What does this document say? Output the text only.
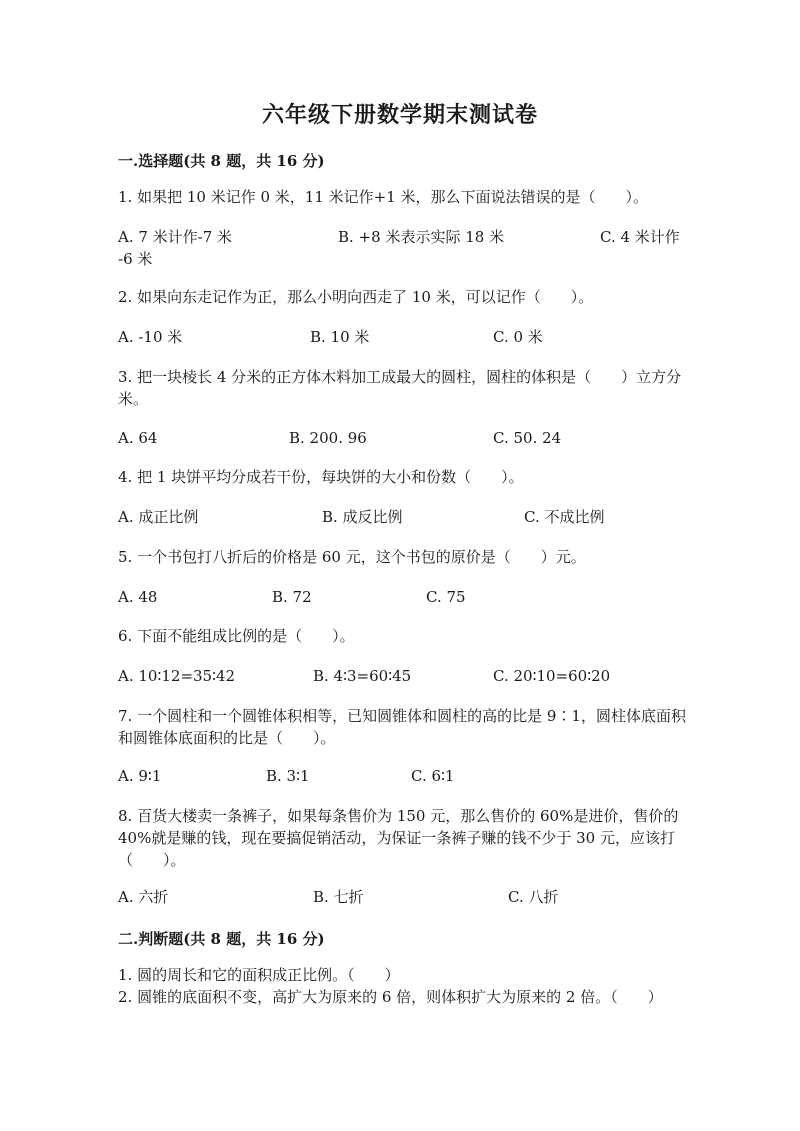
六年级下册数学期末测试卷
一.选择题(共 8 题，共 16 分)
1. 如果把 10 米记作 0 米，11 米记作+1 米，那么下面说法错误的是（　　）。
A. 7 米计作-7 米	B. +8 米表示实际 18 米	C. 4 米计作
-6 米
2. 如果向东走记作为正，那么小明向西走了 10 米，可以记作（　　）。
A. -10 米	B. 10 米	C. 0 米
3. 把一块棱长 4 分米的正方体木料加工成最大的圆柱，圆柱的体积是（　　）立方分米。
A. 64	B. 200. 96	C. 50. 24
4. 把 1 块饼平均分成若干份，每块饼的大小和份数（　　）。
A. 成正比例	B. 成反比例	C. 不成比例
5. 一个书包打八折后的价格是 60 元，这个书包的原价是（　　）元。
A. 48	B. 72	C. 75
6. 下面不能组成比例的是（　　）。
A. 10∶12=35∶42	B. 4∶3=60∶45	C. 20∶10=60∶20
7. 一个圆柱和一个圆锥体积相等，已知圆锥体和圆柱的高的比是 9∶1，圆柱体底面积和圆锥体底面积的比是（　　）。
A. 9∶1	B. 3∶1	C. 6∶1
8. 百货大楼卖一条裤子，如果每条售价为 150 元，那么售价的 60%是进价，售价的 40%就是赚的钱，现在要搞促销活动，为保证一条裤子赚的钱不少于 30 元，应该打（　　）。
A. 六折	B. 七折	C. 八折
二.判断题(共 8 题，共 16 分)
1. 圆的周长和它的面积成正比例。（　　）
2. 圆锥的底面积不变，高扩大为原来的 6 倍，则体积扩大为原来的 2 倍。（　　）
